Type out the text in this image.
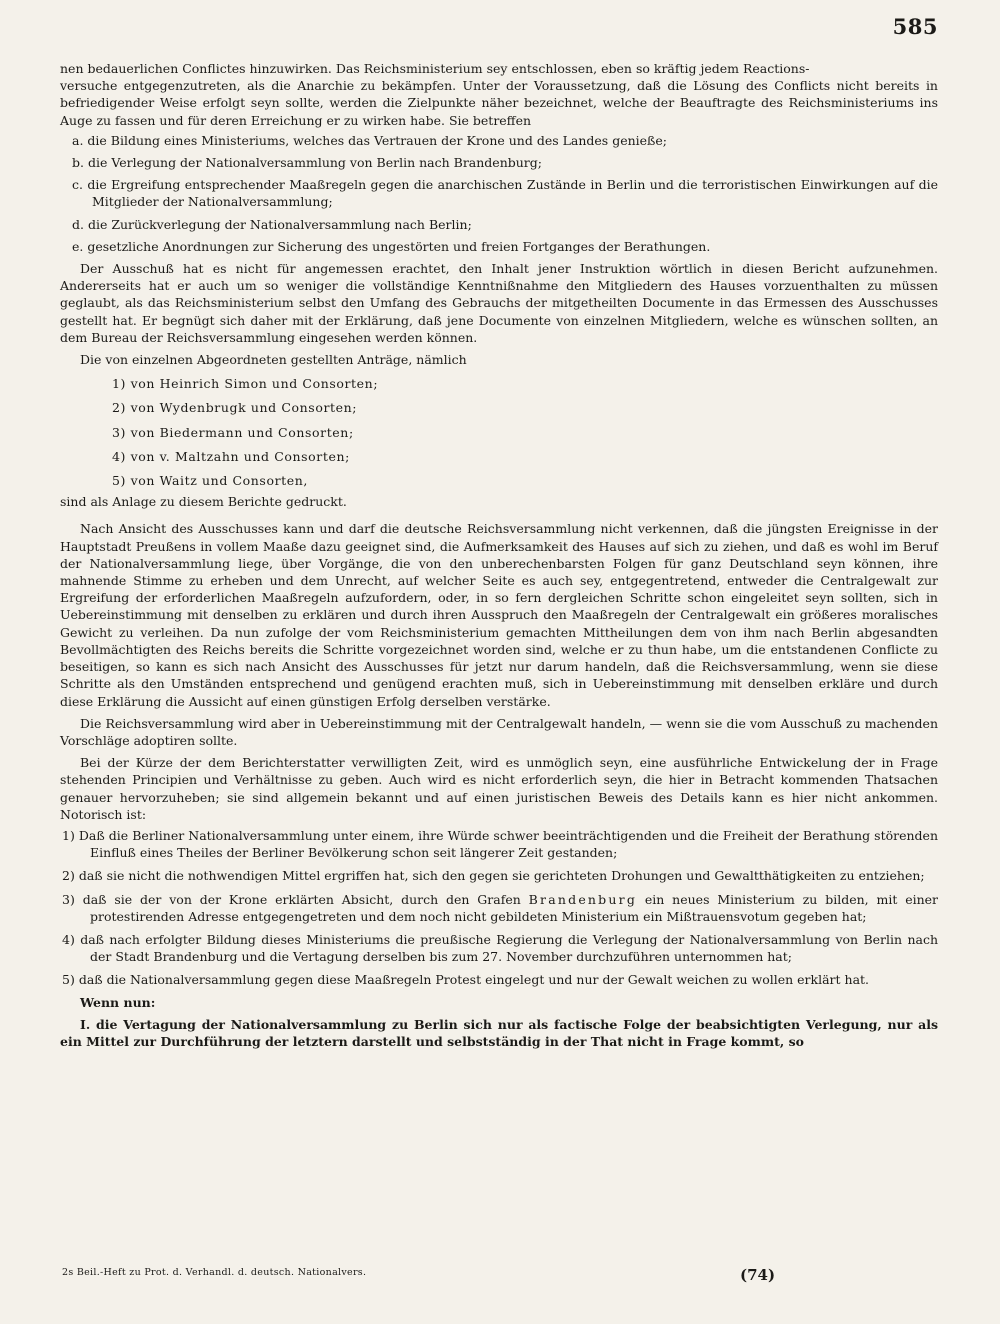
585

nen bedauerlichen Conflictes hinzuwirken. Das Reichsministerium sey entschlossen, eben so kräftig jedem Reactions-

versuche entgegenzutreten, als die Anarchie zu bekämpfen. Unter der Voraussetzung, daß die Lösung des Conflicts nicht bereits in befriedigender Weise erfolgt seyn sollte, werden die Zielpunkte näher bezeichnet, welche der Beauftragte des Reichsministeriums ins Auge zu fassen und für deren Erreichung er zu wirken habe. Sie betreffen

a. die Bildung eines Ministeriums, welches das Vertrauen der Krone und des Landes genieße;

b. die Verlegung der Nationalversammlung von Berlin nach Brandenburg;

c. die Ergreifung entsprechender Maaßregeln gegen die anarchischen Zustände in Berlin und die terroristischen Einwirkungen auf die Mitglieder der Nationalversammlung;

d. die Zurückverlegung der Nationalversammlung nach Berlin;

e. gesetzliche Anordnungen zur Sicherung des ungestörten und freien Fortganges der Berathungen.

Der Ausschuß hat es nicht für angemessen erachtet, den Inhalt jener Instruktion wörtlich in diesen Bericht aufzunehmen. Andererseits hat er auch um so weniger die vollständige Kenntnißnahme den Mitgliedern des Hauses vorzuenthalten zu müssen geglaubt, als das Reichsministerium selbst den Umfang des Gebrauchs der mitgetheilten Documente in das Ermessen des Ausschusses gestellt hat. Er begnügt sich daher mit der Erklärung, daß jene Documente von einzelnen Mitgliedern, welche es wünschen sollten, an dem Bureau der Reichsversammlung eingesehen werden können.

Die von einzelnen Abgeordneten gestellten Anträge, nämlich

1) von Heinrich Simon und Consorten;

2) von Wydenbrugk und Consorten;

3) von Biedermann und Consorten;

4) von v. Maltzahn und Consorten;

5) von Waitz und Consorten,

sind als Anlage zu diesem Berichte gedruckt.

Nach Ansicht des Ausschusses kann und darf die deutsche Reichsversammlung nicht verkennen, daß die jüngsten Ereignisse in der Hauptstadt Preußens in vollem Maaße dazu geeignet sind, die Aufmerksamkeit des Hauses auf sich zu ziehen, und daß es wohl im Beruf der Nationalversammlung liege, über Vorgänge, die von den unberechenbarsten Folgen für ganz Deutschland seyn können, ihre mahnende Stimme zu erheben und dem Unrecht, auf welcher Seite es auch sey, entgegentretend, entweder die Centralgewalt zur Ergreifung der erforderlichen Maaßregeln aufzufordern, oder, in so fern dergleichen Schritte schon eingeleitet seyn sollten, sich in Uebereinstimmung mit denselben zu erklären und durch ihren Ausspruch den Maaßregeln der Centralgewalt ein größeres moralisches Gewicht zu verleihen. Da nun zufolge der vom Reichsministerium gemachten Mittheilungen dem von ihm nach Berlin abgesandten Bevollmächtigten des Reichs bereits die Schritte vorgezeichnet worden sind, welche er zu thun habe, um die entstandenen Conflicte zu beseitigen, so kann es sich nach Ansicht des Ausschusses für jetzt nur darum handeln, daß die Reichsversammlung, wenn sie diese Schritte als den Umständen entsprechend und genügend erachten muß, sich in Uebereinstimmung mit denselben erkläre und durch diese Erklärung die Aussicht auf einen günstigen Erfolg derselben verstärke.

Die Reichsversammlung wird aber in Uebereinstimmung mit der Centralgewalt handeln, — wenn sie die vom Ausschuß zu machenden Vorschläge adoptiren sollte.

Bei der Kürze der dem Berichterstatter verwilligten Zeit, wird es unmöglich seyn, eine ausführliche Entwickelung der in Frage stehenden Principien und Verhältnisse zu geben. Auch wird es nicht erforderlich seyn, die hier in Betracht kommenden Thatsachen genauer hervorzuheben; sie sind allgemein bekannt und auf einen juristischen Beweis des Details kann es hier nicht ankommen. Notorisch ist:

1) Daß die Berliner Nationalversammlung unter einem, ihre Würde schwer beeinträchtigenden und die Freiheit der Berathung störenden Einfluß eines Theiles der Berliner Bevölkerung schon seit längerer Zeit gestanden;

2) daß sie nicht die nothwendigen Mittel ergriffen hat, sich den gegen sie gerichteten Drohungen und Gewaltthätigkeiten zu entziehen;

3) daß sie der von der Krone erklärten Absicht, durch den Grafen Brandenburg ein neues Ministerium zu bilden, mit einer protestirenden Adresse entgegengetreten und dem noch nicht gebildeten Ministerium ein Mißtrauensvotum gegeben hat;

4) daß nach erfolgter Bildung dieses Ministeriums die preußische Regierung die Verlegung der Nationalversammlung von Berlin nach der Stadt Brandenburg und die Vertagung derselben bis zum 27. November durchzuführen unternommen hat;

5) daß die Nationalversammlung gegen diese Maaßregeln Protest eingelegt und nur der Gewalt weichen zu wollen erklärt hat.

Wenn nun:

I. die Vertagung der Nationalversammlung zu Berlin sich nur als factische Folge der beabsichtigten Verlegung, nur als ein Mittel zur Durchführung der letztern darstellt und selbstständig in der That nicht in Frage kommt, so

2s Beil.-Heft zu Prot. d. Verhandl. d. deutsch. Nationalvers.	(74)
